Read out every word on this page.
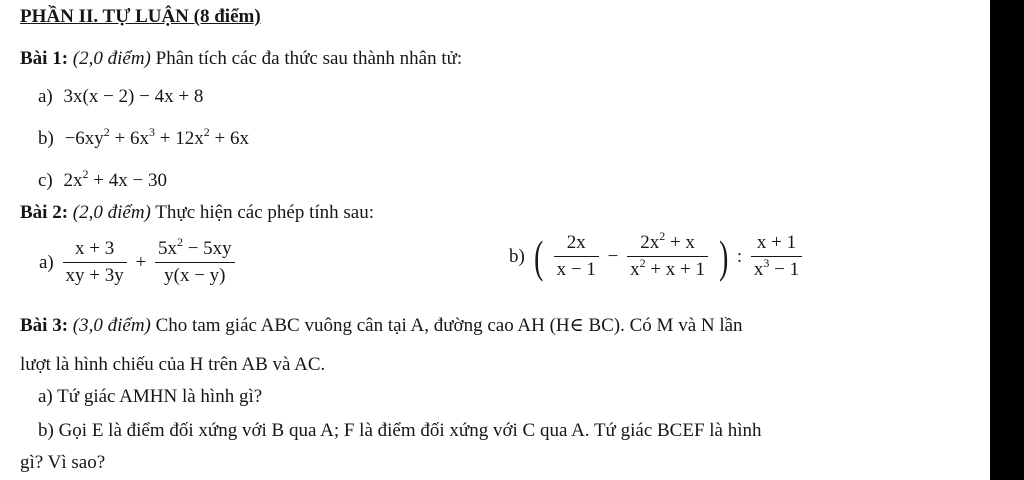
PHẦN II. TỰ LUẬN (8 điểm)
Bài 1: (2,0 điểm) Phân tích các đa thức sau thành nhân tử:
a) 3x(x − 2) − 4x + 8
$b) -6xy^2 + 6x^3 + 12x^2 + 6x$
c) $2x^2 + 4x - 30$
Bài 2: (2,0 điểm) Thực hiện các phép tính sau:
$a) \frac{x + 3}{xy + 3y} + \frac{5x^2 - 5xy}{y(x - y)}$	b) ( $\frac{2x}{x - 1} - \frac{2x^2 + x}{x^2 + x + 1}$ ) : $\frac{x + 1}{x^3 - 1}$
Bài 3: (3,0 điểm) Cho tam giác ABC vuông cân tại A, đường cao AH (H∈ BC). Có M và N lần
lượt là hình chiếu của H trên AB và AC.
a) Tứ giác AMHN là hình gì?
b) Gọi E là điểm đối xứng với B qua A; F là điểm đối xứng với C qua A. Tứ giác BCEF là hình
gì? Vì sao?
